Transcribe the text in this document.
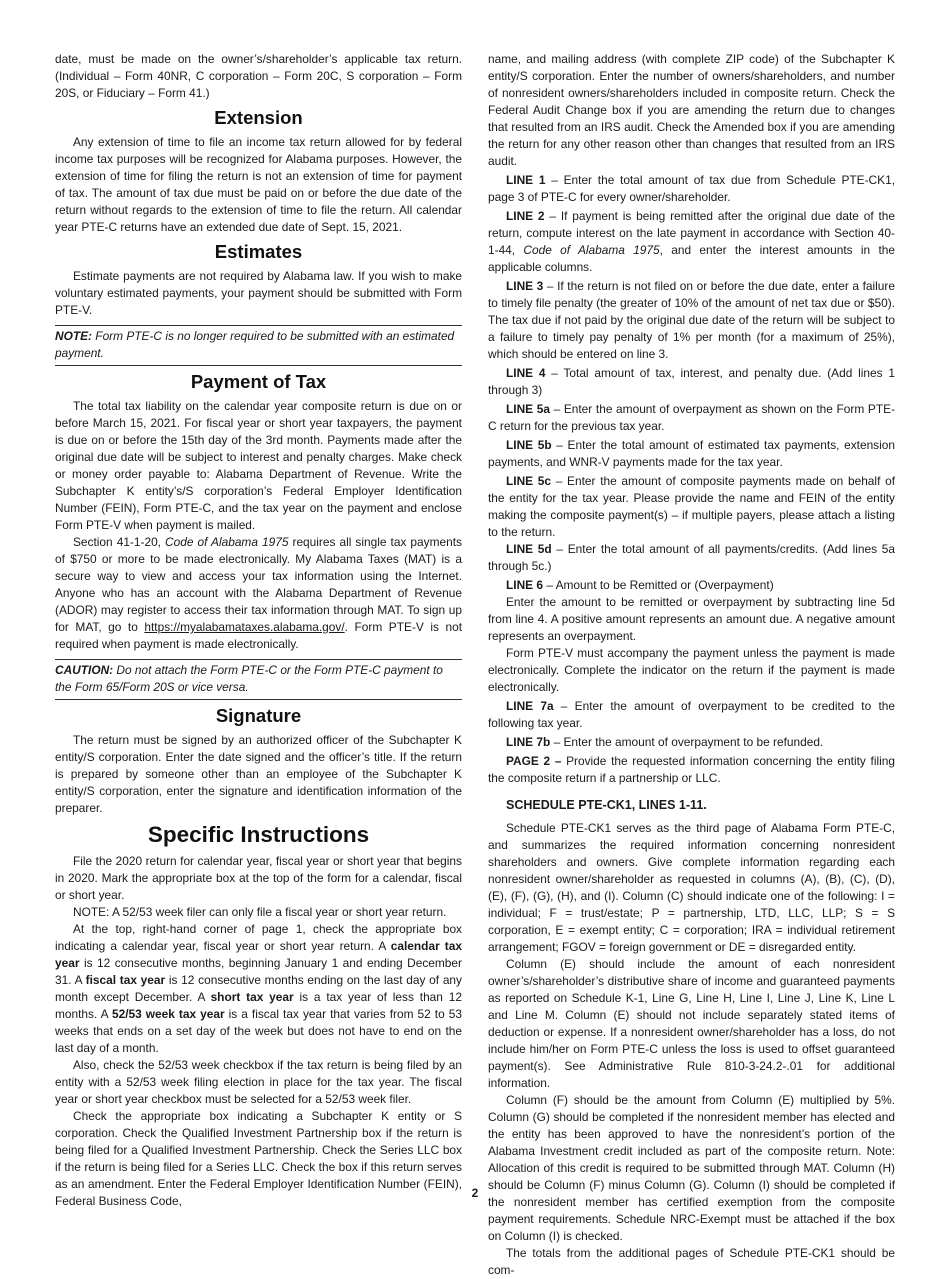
date, must be made on the owner’s/shareholder’s applicable tax return. (Individual – Form 40NR, C corporation – Form 20C, S corporation – Form 20S, or Fiduciary – Form 41.)

Extension

Any extension of time to file an income tax return allowed for by federal income tax purposes will be recognized for Alabama purposes. However, the extension of time for filing the return is not an extension of time for payment of tax. The amount of tax due must be paid on or before the due date of the return without regards to the extension of time to file the return. All calendar year PTE-C returns have an extended due date of Sept. 15, 2021.

Estimates

Estimate payments are not required by Alabama law. If you wish to make voluntary estimated payments, your payment should be submitted with Form PTE-V.

NOTE: Form PTE-C is no longer required to be submitted with an estimated payment.
Payment of Tax

The total tax liability on the calendar year composite return is due on or before March 15, 2021. For fiscal year or short year taxpayers, the payment is due on or before the 15th day of the 3rd month. Payments made after the original due date will be subject to interest and penalty charges. Make check or money order payable to: Alabama Department of Revenue. Write the Subchapter K entity’s/S corporation’s Federal Employer Identification Number (FEIN), Form PTE-C, and the tax year on the payment and enclose Form PTE-V when payment is mailed.

Section 41-1-20, Code of Alabama 1975 requires all single tax payments of $750 or more to be made electronically. My Alabama Taxes (MAT) is a secure way to view and access your tax information using the Internet. Anyone who has an account with the Alabama Department of Revenue (ADOR) may register to access their tax information through MAT. To sign up for MAT, go to https://myalabamataxes.alabama.gov/. Form PTE-V is not required when payment is made electronically.

CAUTION: Do not attach the Form PTE-C or the Form PTE-C payment to the Form 65/Form 20S or vice versa.
Signature

The return must be signed by an authorized officer of the Subchapter K entity/S corporation. Enter the date signed and the officer’s title. If the return is prepared by someone other than an employee of the Subchapter K entity/S corporation, enter the signature and identification information of the preparer.

Specific Instructions

File the 2020 return for calendar year, fiscal year or short year that begins in 2020. Mark the appropriate box at the top of the form for a calendar, fiscal or short year.

NOTE: A 52/53 week filer can only file a fiscal year or short year return.

At the top, right-hand corner of page 1, check the appropriate box indicating a calendar year, fiscal year or short year return. A calendar tax year is 12 consecutive months, beginning January 1 and ending December 31. A fiscal tax year is 12 consecutive months ending on the last day of any month except December. A short tax year is a tax year of less than 12 months. A 52/53 week tax year is a fiscal tax year that varies from 52 to 53 weeks that ends on a set day of the week but does not have to end on the last day of a month.

Also, check the 52/53 week checkbox if the tax return is being filed by an entity with a 52/53 week filing election in place for the tax year. The fiscal year or short year checkbox must be selected for a 52/53 week filer.

Check the appropriate box indicating a Subchapter K entity or S corporation. Check the Qualified Investment Partnership box if the return is being filed for a Qualified Investment Partnership. Check the Series LLC box if the return is being filed for a Series LLC. Check the box if this return serves as an amendment. Enter the Federal Employer Identification Number (FEIN), Federal Business Code,

name, and mailing address (with complete ZIP code) of the Subchapter K entity/S corporation. Enter the number of owners/shareholders, and number of nonresident owners/shareholders included in composite return. Check the Federal Audit Change box if you are amending the return due to changes that resulted from an IRS audit. Check the Amended box if you are amending the return for any other reason other than changes that resulted from an IRS audit.

LINE 1 – Enter the total amount of tax due from Schedule PTE-CK1, page 3 of PTE-C for every owner/shareholder.

LINE 2 – If payment is being remitted after the original due date of the return, compute interest on the late payment in accordance with Section 40-1-44, Code of Alabama 1975, and enter the interest amounts in the applicable columns.

LINE 3 – If the return is not filed on or before the due date, enter a failure to timely file penalty (the greater of 10% of the amount of net tax due or $50). The tax due if not paid by the original due date of the return will be subject to a failure to timely pay penalty of 1% per month (for a maximum of 25%), which should be entered on line 3.

LINE 4 – Total amount of tax, interest, and penalty due. (Add lines 1 through 3)

LINE 5a – Enter the amount of overpayment as shown on the Form PTE-C return for the previous tax year.

LINE 5b – Enter the total amount of estimated tax payments, extension payments, and WNR-V payments made for the tax year.

LINE 5c – Enter the amount of composite payments made on behalf of the entity for the tax year. Please provide the name and FEIN of the entity making the composite payment(s) – if multiple payers, please attach a listing to the return.

LINE 5d – Enter the total amount of all payments/credits. (Add lines 5a through 5c.)

LINE 6 – Amount to be Remitted or (Overpayment)

Enter the amount to be remitted or overpayment by subtracting line 5d from line 4. A positive amount represents an amount due. A negative amount represents an overpayment.

Form PTE-V must accompany the payment unless the payment is made electronically. Complete the indicator on the return if the payment is made electronically.

LINE 7a – Enter the amount of overpayment to be credited to the following tax year.

LINE 7b – Enter the amount of overpayment to be refunded.

PAGE 2 – Provide the requested information concerning the entity filing the composite return if a partnership or LLC.

SCHEDULE PTE-CK1, LINES 1-11.

Schedule PTE-CK1 serves as the third page of Alabama Form PTE-C, and summarizes the required information concerning nonresident shareholders and owners. Give complete information regarding each nonresident owner/shareholder as requested in columns (A), (B), (C), (D), (E), (F), (G), (H), and (I). Column (C) should indicate one of the following: I = individual; F = trust/estate; P = partnership, LTD, LLC, LLP; S = S corporation, E = exempt entity; C = corporation; IRA = individual retirement arrangement; FGOV = foreign government or DE = disregarded entity.

Column (E) should include the amount of each nonresident owner’s/shareholder’s distributive share of income and guaranteed payments as reported on Schedule K-1, Line G, Line H, Line I, Line J, Line K, Line L and Line M. Column (E) should not include separately stated items of deduction or expense. If a nonresident owner/shareholder has a loss, do not include him/her on Form PTE-C unless the loss is used to offset guaranteed payment(s). See Administrative Rule 810-3-24.2-.01 for additional information.

Column (F) should be the amount from Column (E) multiplied by 5%. Column (G) should be completed if the nonresident member has elected and the entity has been approved to have the nonresident’s portion of the Alabama Investment credit included as part of the composite return. Note: Allocation of this credit is required to be submitted through MAT. Column (H) should be Column (F) minus Column (G). Column (I) should be completed if the nonresident member has certified exemption from the composite payment requirements. Schedule NRC-Exempt must be attached if the box on Column (I) is checked.

The totals from the additional pages of Schedule PTE-CK1 should be com-

2
